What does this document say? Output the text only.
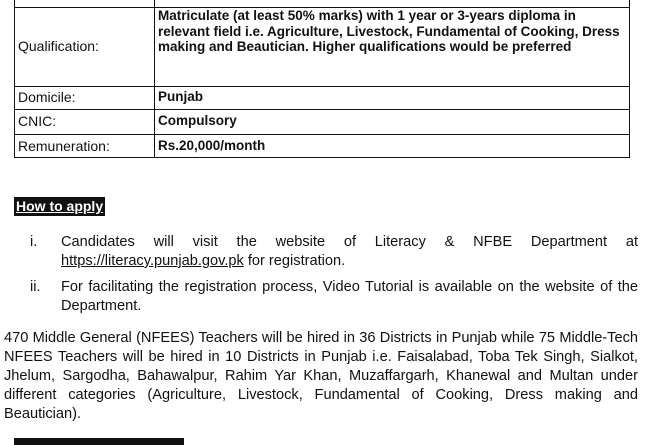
Qualification:	Matriculate (at least 50% marks) with 1 year or 3-years diploma in relevant field i.e. Agriculture, Livestock, Fundamental of Cooking, Dress making and Beautician. Higher qualifications would be preferred
Domicile:	Punjab
CNIC:	Compulsory
Remuneration:	Rs.20,000/month
How to apply
i.	Candidates will visit the website of Literacy & NFBE Department at https://literacy.punjab.gov.pk for registration.
ii.	For facilitating the registration process, Video Tutorial is available on the website of the Department.
470 Middle General (NFEES) Teachers will be hired in 36 Districts in Punjab while 75 Middle-Tech NFEES Teachers will be hired in 10 Districts in Punjab i.e. Faisalabad, Toba Tek Singh, Sialkot, Jhelum, Sargodha, Bahawalpur, Rahim Yar Khan, Muzaffargarh, Khanewal and Multan under different categories (Agriculture, Livestock, Fundamental of Cooking, Dress making and Beautician).
